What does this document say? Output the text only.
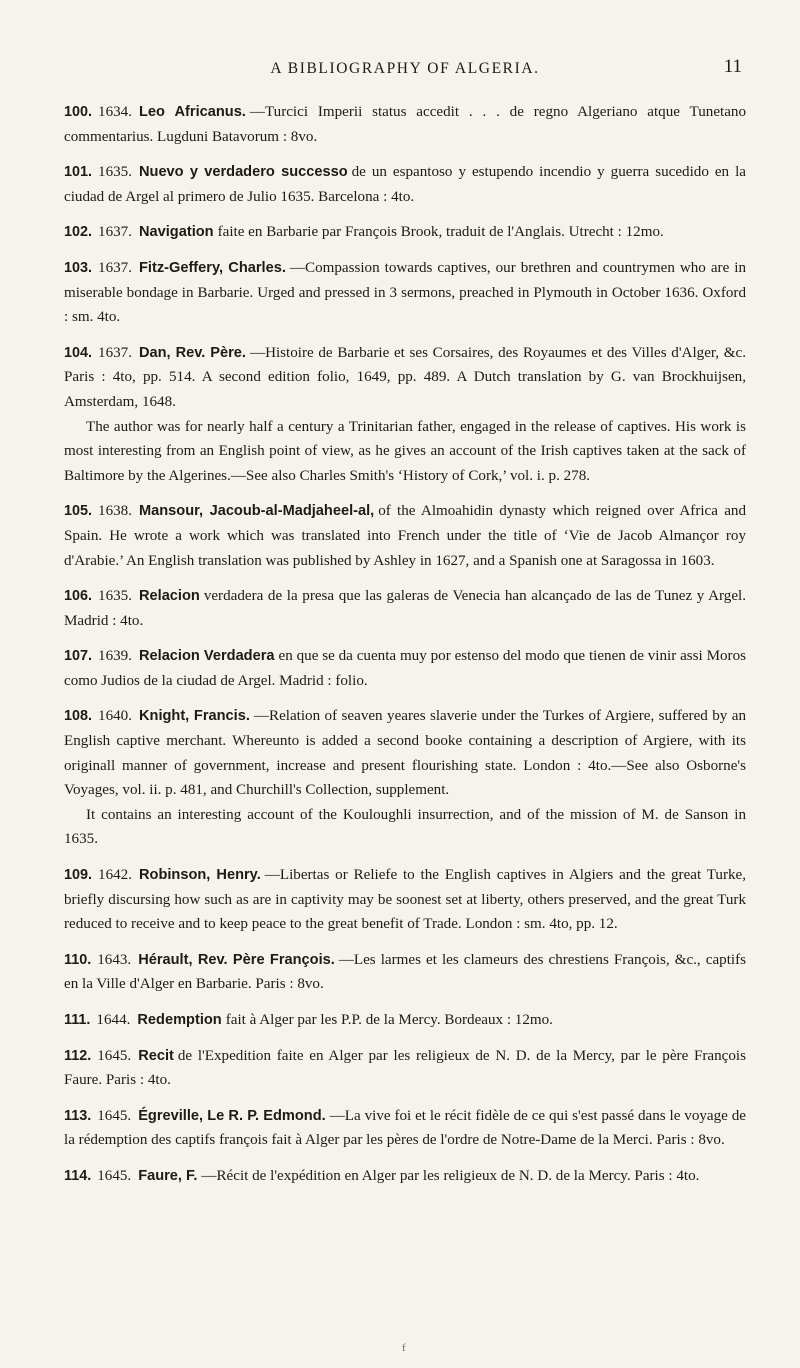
A BIBLIOGRAPHY OF ALGERIA.	11

100. 1634. Leo Africanus. —Turcici Imperii status accedit . . . de regno Algeriano atque Tunetano commentarius. Lugduni Batavorum : 8vo.

101. 1635. Nuevo y verdadero successo de un espantoso y estupendo incendio y guerra sucedido en la ciudad de Argel al primero de Julio 1635. Barcelona : 4to.

102. 1637. Navigation faite en Barbarie par François Brook, traduit de l'Anglais. Utrecht : 12mo.

103. 1637. Fitz-Geffery, Charles. —Compassion towards captives, our brethren and countrymen who are in miserable bondage in Barbarie. Urged and pressed in 3 sermons, preached in Plymouth in October 1636. Oxford : sm. 4to.

104. 1637. Dan, Rev. Père. —Histoire de Barbarie et ses Corsaires, des Royaumes et des Villes d'Alger, &c. Paris : 4to, pp. 514. A second edition folio, 1649, pp. 489. A Dutch translation by G. van Brockhuijsen, Amsterdam, 1648.

The author was for nearly half a century a Trinitarian father, engaged in the release of captives. His work is most interesting from an English point of view, as he gives an account of the Irish captives taken at the sack of Baltimore by the Algerines.—See also Charles Smith's ‘History of Cork,’ vol. i. p. 278.

105. 1638. Mansour, Jacoub-al-Madjaheel-al, of the Almoahidin dynasty which reigned over Africa and Spain. He wrote a work which was translated into French under the title of ‘Vie de Jacob Almançor roy d'Arabie.’ An English translation was published by Ashley in 1627, and a Spanish one at Saragossa in 1603.

106. 1635. Relacion verdadera de la presa que las galeras de Venecia han alcançado de las de Tunez y Argel. Madrid : 4to.

107. 1639. Relacion Verdadera en que se da cuenta muy por estenso del modo que tienen de vinir assi Moros como Judios de la ciudad de Argel. Madrid : folio.

108. 1640. Knight, Francis. —Relation of seaven yeares slaverie under the Turkes of Argiere, suffered by an English captive merchant. Whereunto is added a second booke containing a description of Argiere, with its originall manner of government, increase and present flourishing state. London : 4to.—See also Osborne's Voyages, vol. ii. p. 481, and Churchill's Collection, supplement.

It contains an interesting account of the Kouloughli insurrection, and of the mission of M. de Sanson in 1635.

109. 1642. Robinson, Henry. —Libertas or Reliefe to the English captives in Algiers and the great Turke, briefly discursing how such as are in captivity may be soonest set at liberty, others preserved, and the great Turk reduced to receive and to keep peace to the great benefit of Trade. London : sm. 4to, pp. 12.

110. 1643. Hérault, Rev. Père François. —Les larmes et les clameurs des chrestiens François, &c., captifs en la Ville d'Alger en Barbarie. Paris : 8vo.

111. 1644. Redemption fait à Alger par les P.P. de la Mercy. Bordeaux : 12mo.

112. 1645. Recit de l'Expedition faite en Alger par les religieux de N. D. de la Mercy, par le père François Faure. Paris : 4to.

113. 1645. Égreville, Le R. P. Edmond. —La vive foi et le récit fidèle de ce qui s'est passé dans le voyage de la rédemption des captifs françois fait à Alger par les pères de l'ordre de Notre-Dame de la Merci. Paris : 8vo.

114. 1645. Faure, F. —Récit de l'expédition en Alger par les religieux de N. D. de la Mercy. Paris : 4to.

f
